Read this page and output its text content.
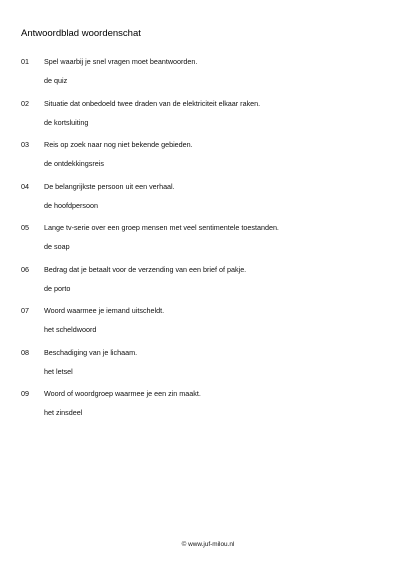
Antwoordblad woordenschat
01 Spel waarbij je snel vragen moet beantwoorden.
de quiz
02 Situatie dat onbedoeld twee draden van de elektriciteit elkaar raken.
de kortsluiting
03 Reis op zoek naar nog niet bekende gebieden.
de ontdekkingsreis
04 De belangrijkste persoon uit een verhaal.
de hoofdpersoon
05 Lange tv-serie over een groep mensen met veel sentimentele toestanden.
de soap
06 Bedrag dat je betaalt voor de verzending van een brief of pakje.
de porto
07 Woord waarmee je iemand uitscheldt.
het scheldwoord
08 Beschadiging van je lichaam.
het letsel
09 Woord of woordgroep waarmee je een zin maakt.
het zinsdeel
© www.juf-milou.nl
